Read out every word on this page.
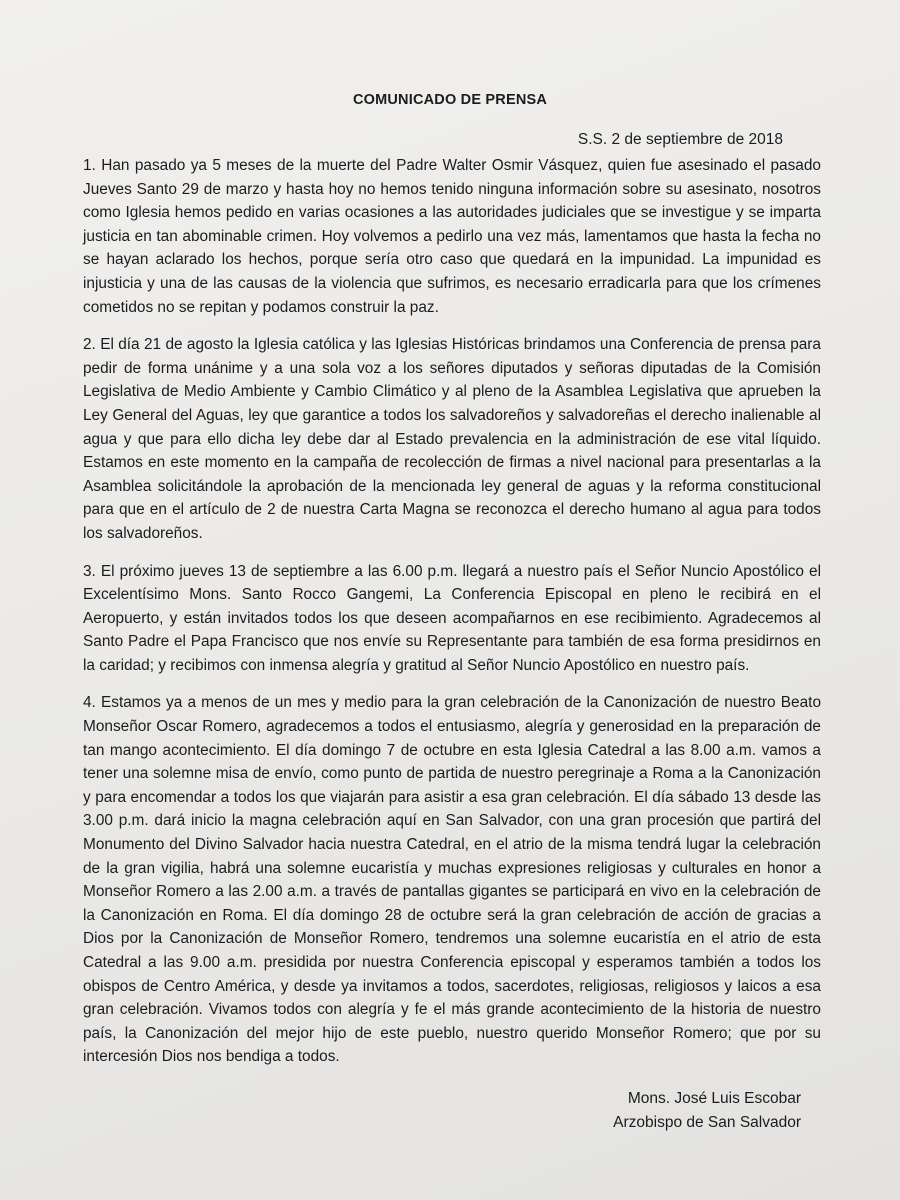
COMUNICADO DE PRENSA
S.S. 2 de septiembre de 2018

1. Han pasado ya 5 meses de la muerte del Padre Walter Osmir Vásquez, quien fue asesinado el pasado Jueves Santo 29 de marzo y hasta hoy no hemos tenido ninguna información sobre su asesinato, nosotros como Iglesia hemos pedido en varias ocasiones a las autoridades judiciales que se investigue y se imparta justicia en tan abominable crimen. Hoy volvemos a pedirlo una vez más, lamentamos que hasta la fecha no se hayan aclarado los hechos, porque sería otro caso que quedará en la impunidad. La impunidad es injusticia y una de las causas de la violencia que sufrimos, es necesario erradicarla para que los crímenes cometidos no se repitan y podamos construir la paz.

2. El día 21 de agosto la Iglesia católica y las Iglesias Históricas brindamos una Conferencia de prensa para pedir de forma unánime y a una sola voz a los señores diputados y señoras diputadas de la Comisión Legislativa de Medio Ambiente y Cambio Climático y al pleno de la Asamblea Legislativa que aprueben la Ley General del Aguas, ley que garantice a todos los salvadoreños y salvadoreñas el derecho inalienable al agua y que para ello dicha ley debe dar al Estado prevalencia en la administración de ese vital líquido. Estamos en este momento en la campaña de recolección de firmas a nivel nacional para presentarlas a la Asamblea solicitándole la aprobación de la mencionada ley general de aguas y la reforma constitucional para que en el artículo de 2 de nuestra Carta Magna se reconozca el derecho humano al agua para todos los salvadoreños.

3. El próximo jueves 13 de septiembre a las 6.00 p.m. llegará a nuestro país el Señor Nuncio Apostólico el Excelentísimo Mons. Santo Rocco Gangemi, La Conferencia Episcopal en pleno le recibirá en el Aeropuerto, y están invitados todos los que deseen acompañarnos en ese recibimiento. Agradecemos al Santo Padre el Papa Francisco que nos envíe su Representante para también de esa forma presidirnos en la caridad; y recibimos con inmensa alegría y gratitud al Señor Nuncio Apostólico en nuestro país.

4. Estamos ya a menos de un mes y medio para la gran celebración de la Canonización de nuestro Beato Monseñor Oscar Romero, agradecemos a todos el entusiasmo, alegría y generosidad en la preparación de tan mango acontecimiento. El día domingo 7 de octubre en esta Iglesia Catedral a las 8.00 a.m. vamos a tener una solemne misa de envío, como punto de partida de nuestro peregrinaje a Roma a la Canonización y para encomendar a todos los que viajarán para asistir a esa gran celebración. El día sábado 13 desde las 3.00 p.m. dará inicio la magna celebración aquí en San Salvador, con una gran procesión que partirá del Monumento del Divino Salvador hacia nuestra Catedral, en el atrio de la misma tendrá lugar la celebración de la gran vigilia, habrá una solemne eucaristía y muchas expresiones religiosas y culturales en honor a Monseñor Romero a las 2.00 a.m. a través de pantallas gigantes se participará en vivo en la celebración de la Canonización en Roma. El día domingo 28 de octubre será la gran celebración de acción de gracias a Dios por la Canonización de Monseñor Romero, tendremos una solemne eucaristía en el atrio de esta Catedral a las 9.00 a.m. presidida por nuestra Conferencia episcopal y esperamos también a todos los obispos de Centro América, y desde ya invitamos a todos, sacerdotes, religiosas, religiosos y laicos a esa gran celebración. Vivamos todos con alegría y fe el más grande acontecimiento de la historia de nuestro país, la Canonización del mejor hijo de este pueblo, nuestro querido Monseñor Romero; que por su intercesión Dios nos bendiga a todos.

Mons. José Luis Escobar
Arzobispo de San Salvador
